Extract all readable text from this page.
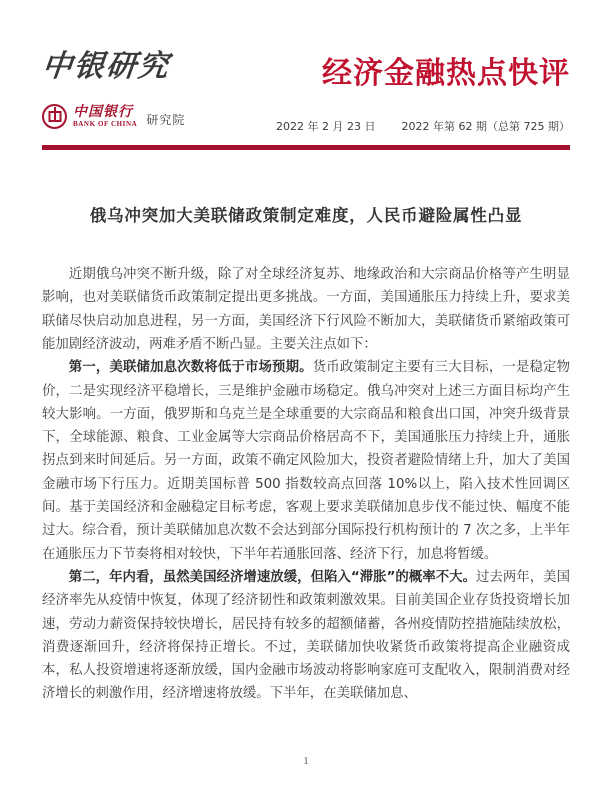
中银研究
中国银行
BANK OF CHINA 研究院
经济金融热点快评
2022 年 2 月 23 日 2022 年第 62 期（总第 725 期）
俄乌冲突加大美联储政策制定难度，人民币避险属性凸显

近期俄乌冲突不断升级，除了对全球经济复苏、地缘政治和大宗商品价格等产生明显影响，也对美联储货币政策制定提出更多挑战。一方面，美国通胀压力持续上升，要求美联储尽快启动加息进程，另一方面，美国经济下行风险不断加大，美联储货币紧缩政策可能加剧经济波动，两难矛盾不断凸显。主要关注点如下：

第一，美联储加息次数将低于市场预期。货币政策制定主要有三大目标，一是稳定物价，二是实现经济平稳增长，三是维护金融市场稳定。俄乌冲突对上述三方面目标均产生较大影响。一方面，俄罗斯和乌克兰是全球重要的大宗商品和粮食出口国，冲突升级背景下，全球能源、粮食、工业金属等大宗商品价格居高不下，美国通胀压力持续上升，通胀拐点到来时间延后。另一方面，政策不确定风险加大，投资者避险情绪上升，加大了美国金融市场下行压力。近期美国标普 500 指数较高点回落 10%以上，陷入技术性回调区间。基于美国经济和金融稳定目标考虑，客观上要求美联储加息步伐不能过快、幅度不能过大。综合看，预计美联储加息次数不会达到部分国际投行机构预计的 7 次之多，上半年在通胀压力下节奏将相对较快，下半年若通胀回落、经济下行，加息将暂缓。

第二，年内看，虽然美国经济增速放缓，但陷入“滞胀”的概率不大。过去两年，美国经济率先从疫情中恢复，体现了经济韧性和政策刺激效果。目前美国企业存货投资增长加速，劳动力薪资保持较快增长，居民持有较多的超额储蓄，各州疫情防控措施陆续放松，消费逐渐回升，经济将保持正增长。不过，美联储加快收紧货币政策将提高企业融资成本，私人投资增速将逐渐放缓，国内金融市场波动将影响家庭可支配收入，限制消费对经济增长的刺激作用，经济增速将放缓。下半年，在美联储加息、

1
